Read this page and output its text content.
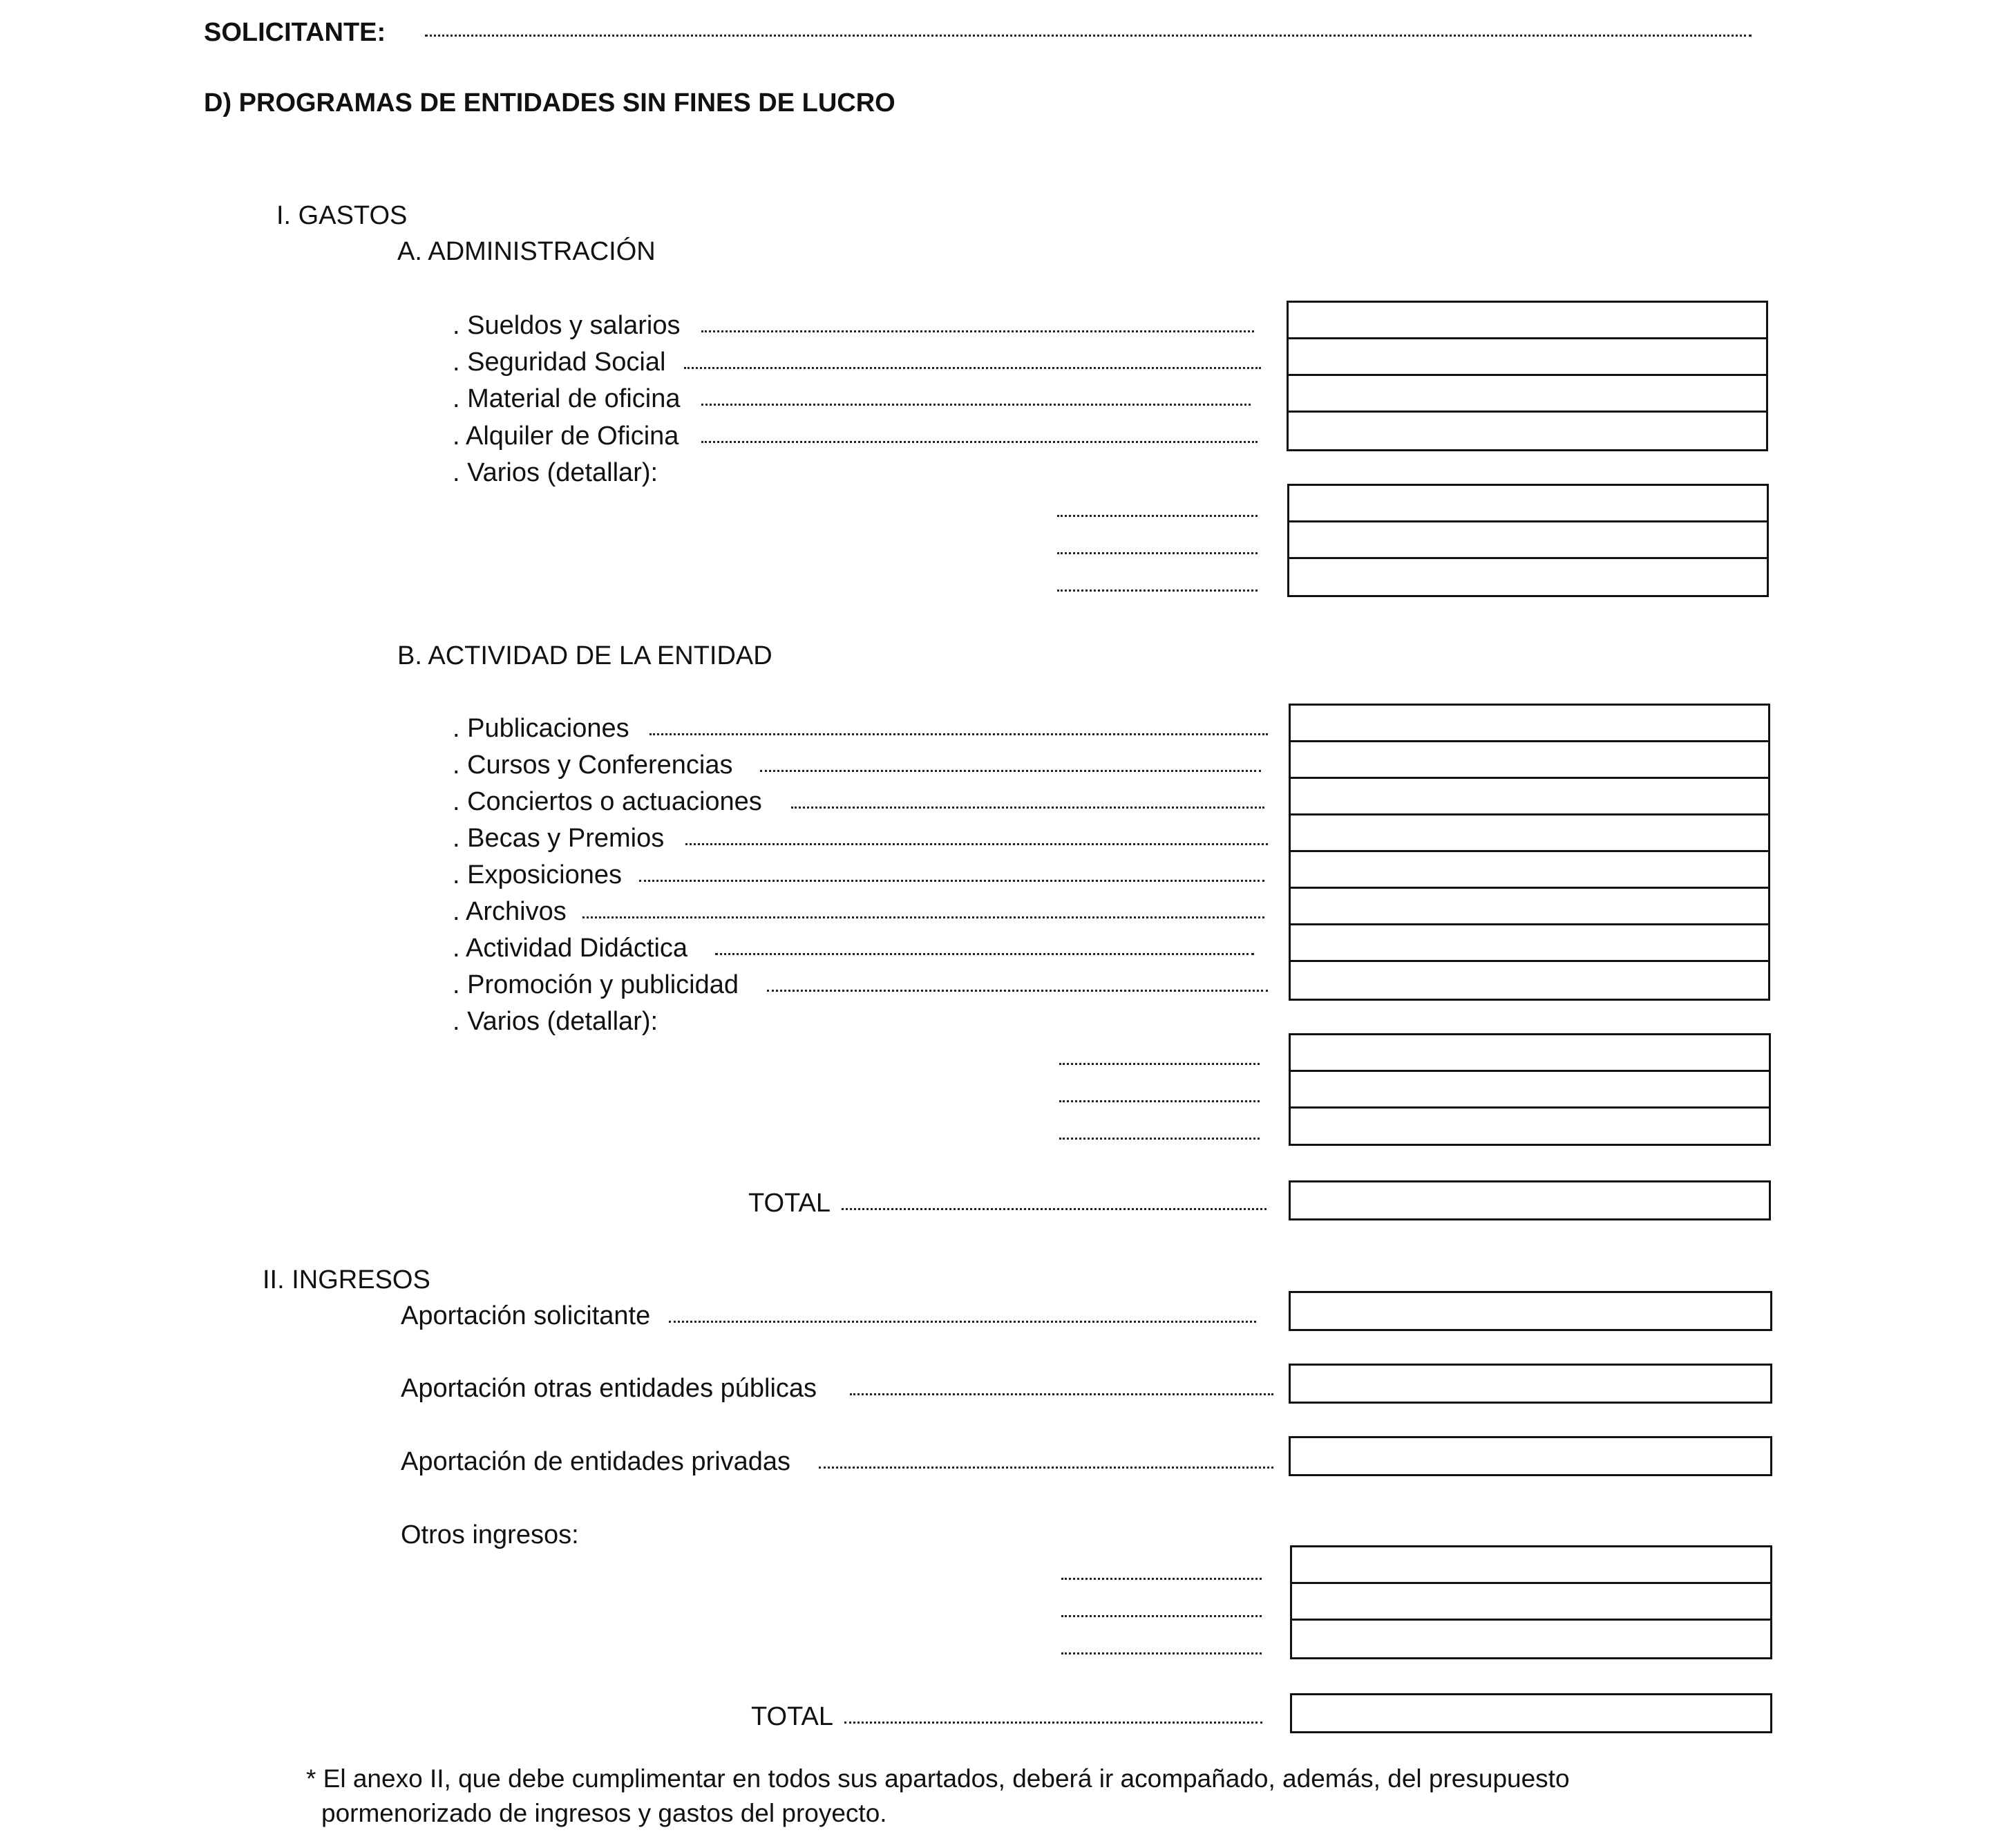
SOLICITANTE:
D) PROGRAMAS DE ENTIDADES SIN FINES DE LUCRO
I. GASTOS
A. ADMINISTRACIÓN
. Sueldos y salarios
. Seguridad Social
. Material de oficina
. Alquiler de Oficina
. Varios (detallar):
B. ACTIVIDAD DE LA ENTIDAD
. Publicaciones
. Cursos y Conferencias
. Conciertos o actuaciones
. Becas y Premios
. Exposiciones
. Archivos
. Actividad Didáctica
. Promoción y publicidad
. Varios (detallar):
TOTAL
II. INGRESOS
Aportación solicitante
Aportación otras entidades públicas
Aportación de entidades privadas
Otros ingresos:
TOTAL
* El anexo II, que debe cumplimentar en todos sus apartados, deberá ir acompañado, además, del presupuesto
pormenorizado de ingresos y gastos del proyecto.
